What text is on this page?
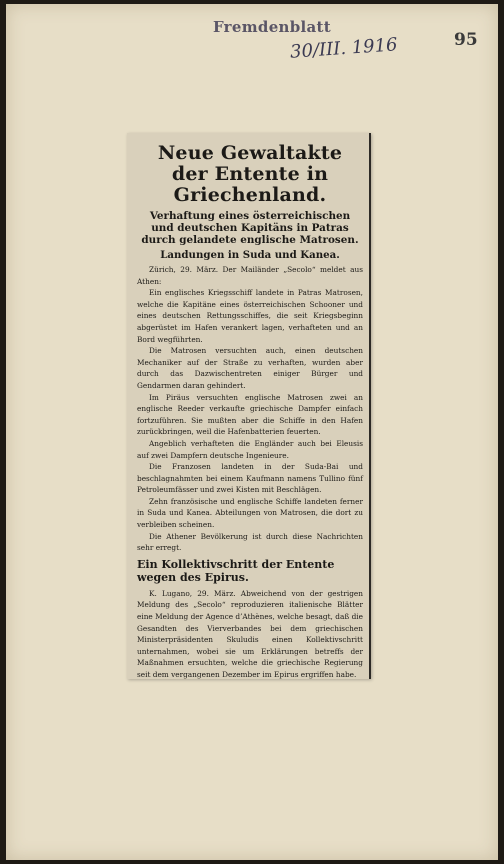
Fremdenblatt
30/III. 1916	95
Neue Gewaltakte der Entente in Griechenland.
Verhaftung eines österreichischen und deutschen Kapitäns in Patras durch gelandete englische Matrosen.
Landungen in Suda und Kanea.

Zürich, 29. März. Der Mailänder „Secolo“ meldet aus Athen:

Ein englisches Kriegsschiff landete in Patras Matrosen, welche die Kapitäne eines österreichischen Schooner und eines deutschen Rettungsschiffes, die seit Kriegsbeginn abgerüstet im Hafen verankert lagen, verhafteten und an Bord wegführten.

Die Matrosen versuchten auch, einen deutschen Mechaniker auf der Straße zu verhaften, wurden aber durch das Dazwischentreten einiger Bürger und Gendarmen daran gehindert.

Im Piräus versuchten englische Matrosen zwei an englische Reeder verkaufte griechische Dampfer einfach fortzuführen. Sie mußten aber die Schiffe in den Hafen zurückbringen, weil die Hafenbatterien feuerten.

Angeblich verhafteten die Engländer auch bei Eleusis auf zwei Dampfern deutsche Ingenieure.

Die Franzosen landeten in der Suda-Bai und beschlagnahmten bei einem Kaufmann namens Tullino fünf Petroleumfässer und zwei Kisten mit Beschlägen.

Zehn französische und englische Schiffe landeten ferner in Suda und Kanea. Abteilungen von Matrosen, die dort zu verbleiben scheinen.

Die Athener Bevölkerung ist durch diese Nachrichten sehr erregt.

Ein Kollektivschritt der Entente wegen des Epirus.

K. Lugano, 29. März. Abweichend von der gestrigen Meldung des „Secolo“ reproduzieren italienische Blätter eine Meldung der Agence d’Athènes, welche besagt, daß die Gesandten des Vierverbandes bei dem griechischen Ministerpräsidenten Skuludis einen Kollektivschritt unternahmen, wobei sie um Erklärungen betreffs der Maßnahmen ersuchten, welche die griechische Regierung seit dem vergangenen Dezember im Epirus ergriffen habe.
